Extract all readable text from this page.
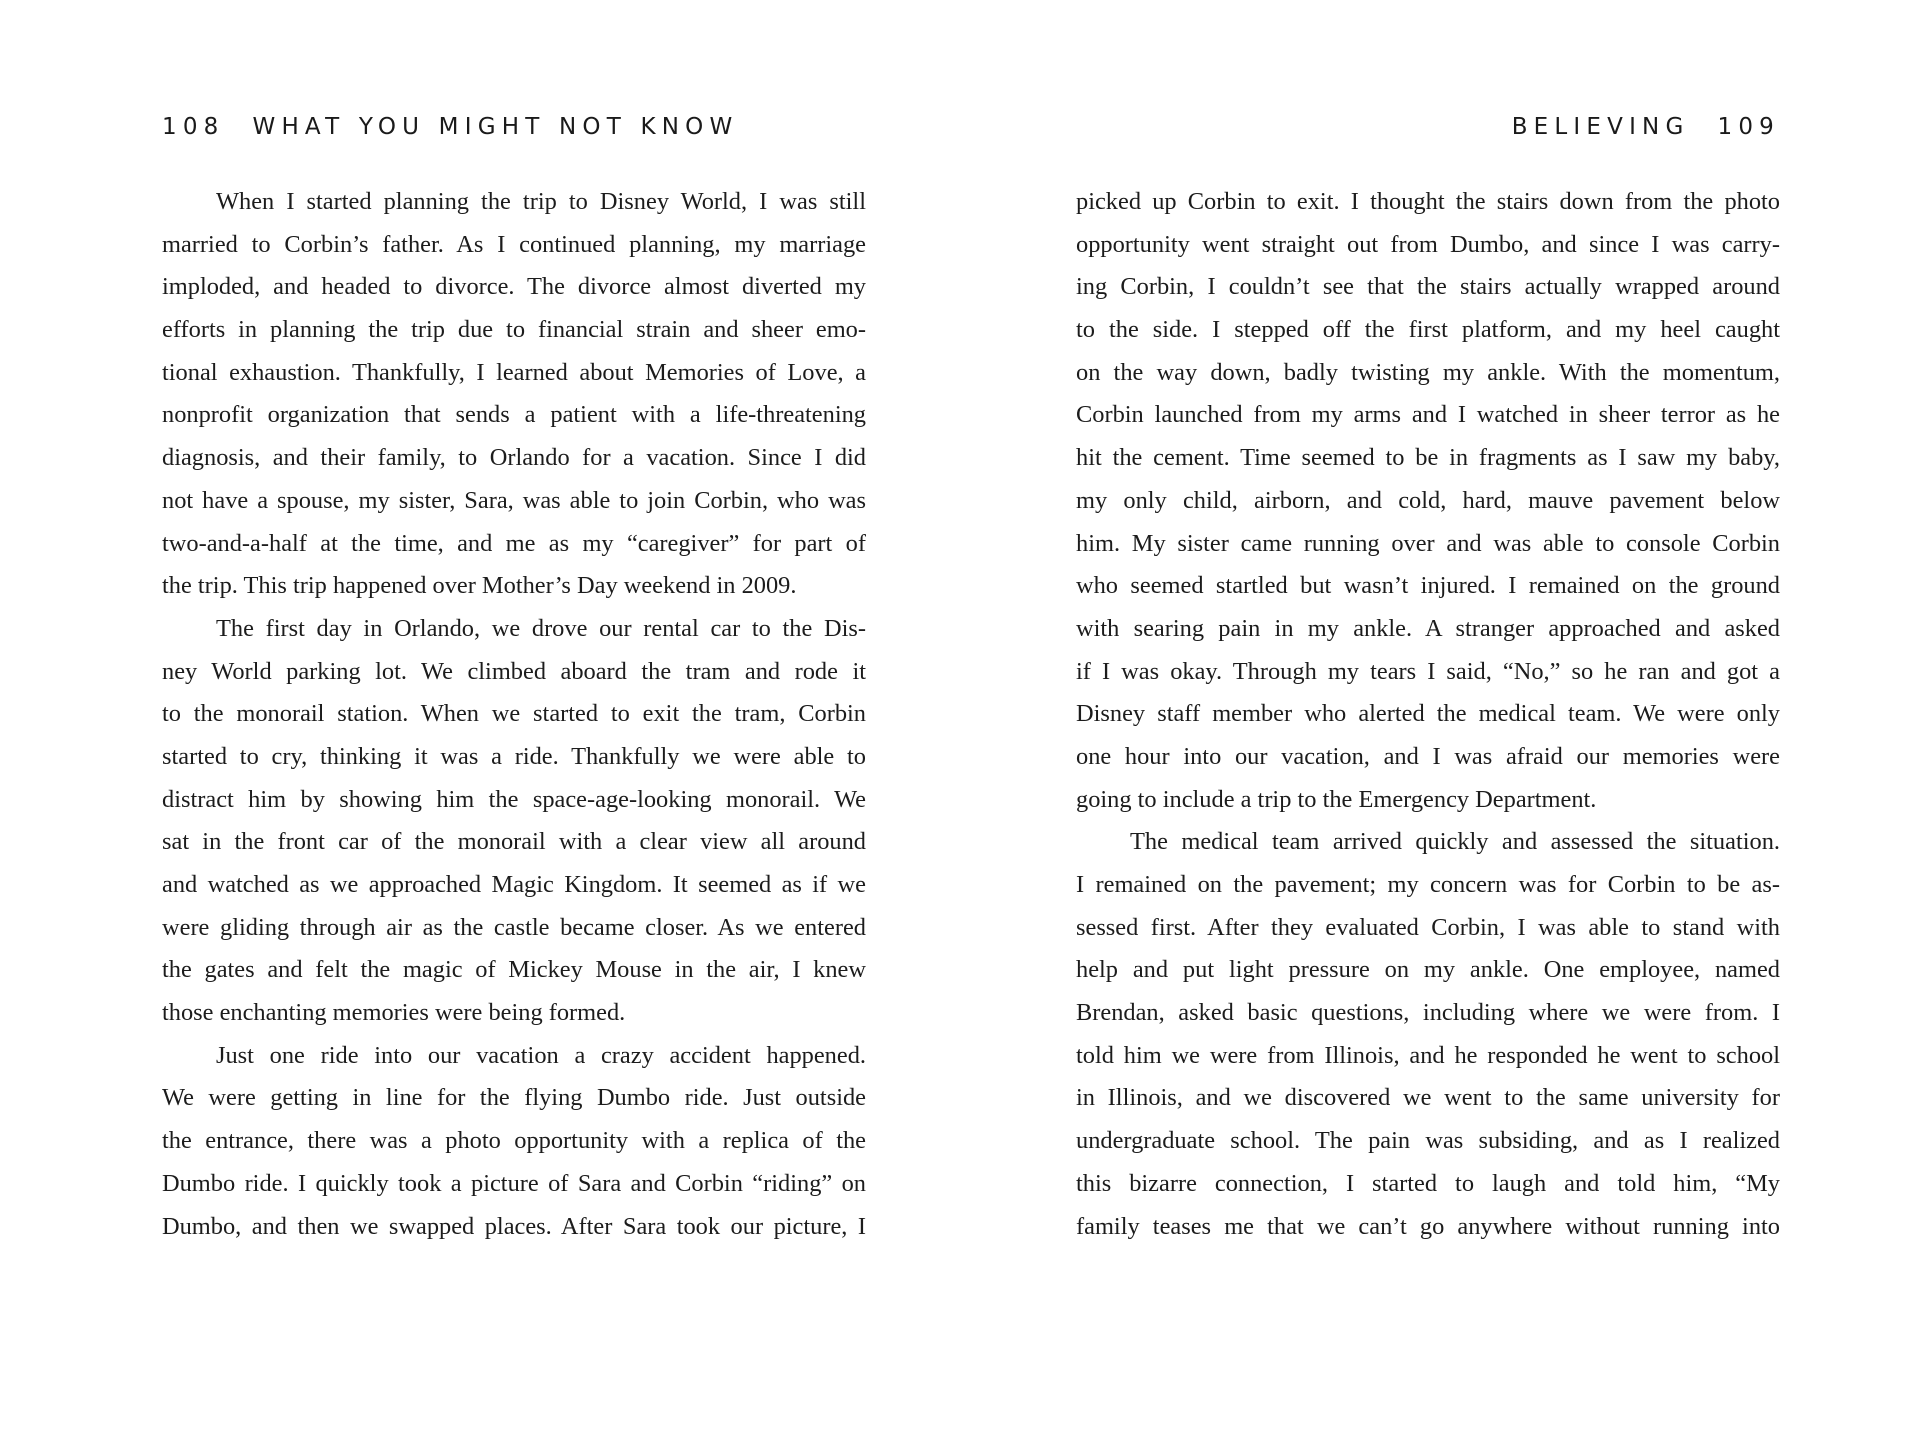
108 WHAT YOU MIGHT NOT KNOW
When I started planning the trip to Disney World, I was still
married to Corbin’s father. As I continued planning, my marriage
imploded, and headed to divorce. The divorce almost diverted my
efforts in planning the trip due to financial strain and sheer emo-
tional exhaustion. Thankfully, I learned about Memories of Love, a
nonprofit organization that sends a patient with a life-threatening
diagnosis, and their family, to Orlando for a vacation. Since I did
not have a spouse, my sister, Sara, was able to join Corbin, who was
two-and-a-half at the time, and me as my “caregiver” for part of
the trip. This trip happened over Mother’s Day weekend in 2009.
The first day in Orlando, we drove our rental car to the Dis-
ney World parking lot. We climbed aboard the tram and rode it
to the monorail station. When we started to exit the tram, Corbin
started to cry, thinking it was a ride. Thankfully we were able to
distract him by showing him the space-age-looking monorail. We
sat in the front car of the monorail with a clear view all around
and watched as we approached Magic Kingdom. It seemed as if we
were gliding through air as the castle became closer. As we entered
the gates and felt the magic of Mickey Mouse in the air, I knew
those enchanting memories were being formed.
Just one ride into our vacation a crazy accident happened.
We were getting in line for the flying Dumbo ride. Just outside
the entrance, there was a photo opportunity with a replica of the
Dumbo ride. I quickly took a picture of Sara and Corbin “riding” on
Dumbo, and then we swapped places. After Sara took our picture, I
BELIEVING 109
picked up Corbin to exit. I thought the stairs down from the photo
opportunity went straight out from Dumbo, and since I was carry-
ing Corbin, I couldn’t see that the stairs actually wrapped around
to the side. I stepped off the first platform, and my heel caught
on the way down, badly twisting my ankle. With the momentum,
Corbin launched from my arms and I watched in sheer terror as he
hit the cement. Time seemed to be in fragments as I saw my baby,
my only child, airborn, and cold, hard, mauve pavement below
him. My sister came running over and was able to console Corbin
who seemed startled but wasn’t injured. I remained on the ground
with searing pain in my ankle. A stranger approached and asked
if I was okay. Through my tears I said, “No,” so he ran and got a
Disney staff member who alerted the medical team. We were only
one hour into our vacation, and I was afraid our memories were
going to include a trip to the Emergency Department.
The medical team arrived quickly and assessed the situation.
I remained on the pavement; my concern was for Corbin to be as-
sessed first. After they evaluated Corbin, I was able to stand with
help and put light pressure on my ankle. One employee, named
Brendan, asked basic questions, including where we were from. I
told him we were from Illinois, and he responded he went to school
in Illinois, and we discovered we went to the same university for
undergraduate school. The pain was subsiding, and as I realized
this bizarre connection, I started to laugh and told him, “My
family teases me that we can’t go anywhere without running into
